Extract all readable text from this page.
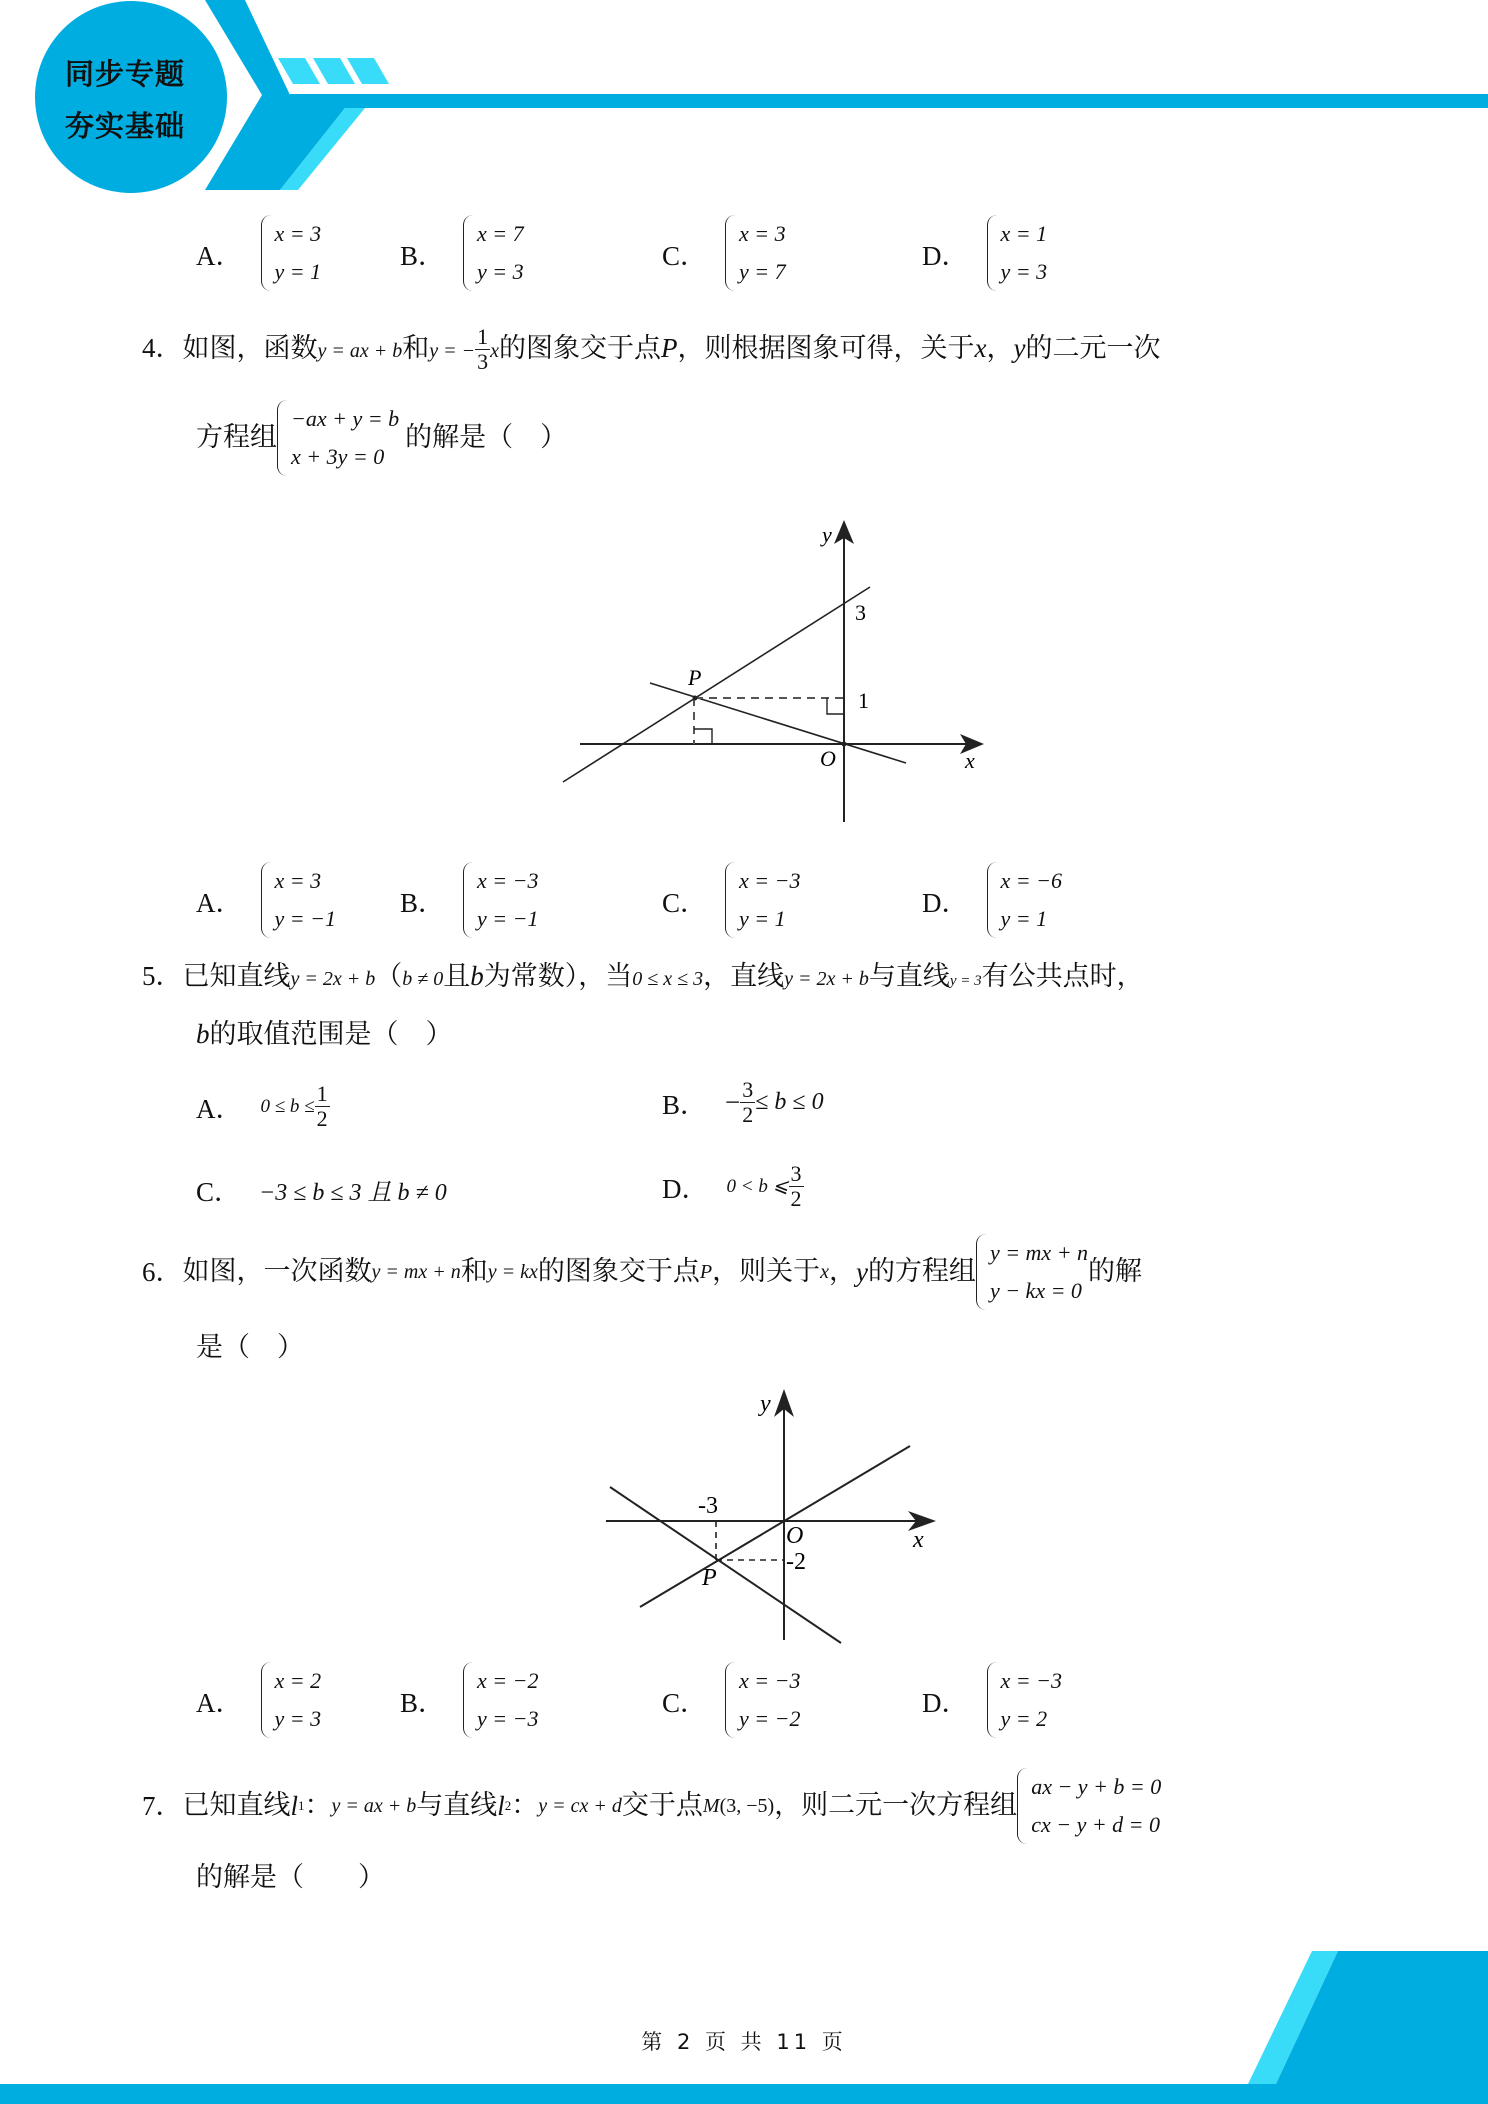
同步专题
夯实基础
A．
x = 3
y = 1
B．
x = 7
y = 3
C．
x = 3
y = 7
D．
x = 1
y = 3
4．如图，函数y = ax + b和y = − $\frac{1}{3}$ x的图象交于点P，则根据图象可得，关于x，y的二元一次
方程组
−ax + y = b
x + 3y = 0
的解是（　）
y
x
O
P
3
1
A．
x = 3
y = −1
B．
x = −3
y = −1
C．
x = −3
y = 1
D．
x = −6
y = 1
5．已知直线y = 2x + b（b ≠ 0且b为常数），当0 ≤ x ≤ 3，直线y = 2x + b与直线y = 3有公共点时，
b的取值范围是（　）
A． $0 \le b \le \frac{1}{2}$	B． − $\frac{3}{2} \le b \le 0$
C． −3 ≤ b ≤ 3 且 b ≠ 0	D． 0 < b ⩽ $\frac{3}{2}$
6． 如图，一次函数 y = mx + n 和 y = kx 的图象交于点 P ，则关于 x ， y 的方程组
y = mx + n
y − kx = 0
的解
是（　）
y
x
O
P
-3
-2
A．
x = 2
y = 3
B．
x = −2
y = −3
C．
x = −3
y = −2
D．
x = −3
y = 2
7． 已知直线 l 1 ： y = ax + b 与直线 l 2 ： y = cx + d 交于点 M (3, −5) ，则二元一次方程组
ax − y + b = 0
cx − y + d = 0
的解是（　　）
第 2 页 共 11 页
